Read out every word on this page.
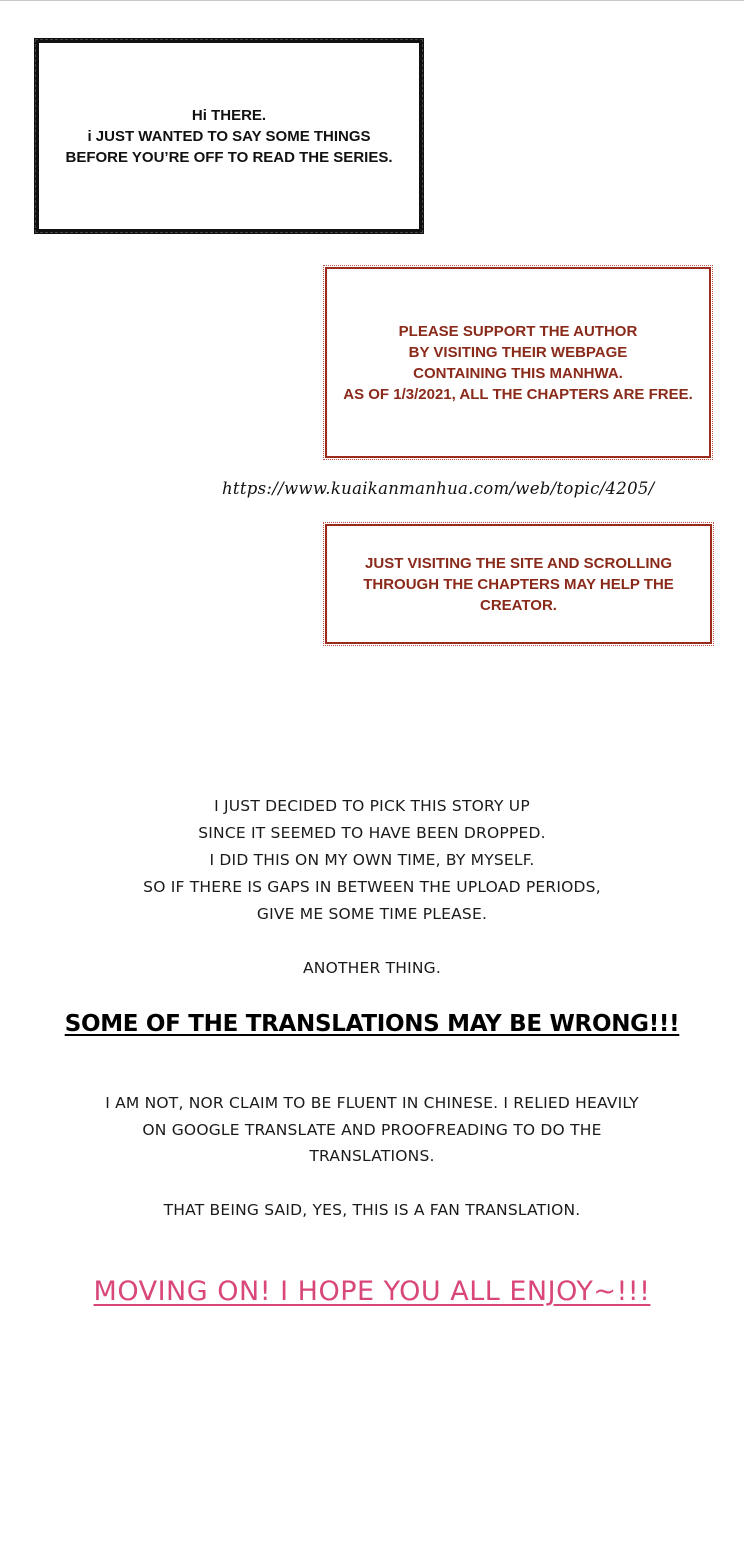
Hi THERE.

i JUST WANTED TO SAY SOME THINGS

BEFORE YOU’RE OFF TO READ THE SERIES.

PLEASE SUPPORT THE AUTHOR

BY VISITING THEIR WEBPAGE

CONTAINING THIS MANHWA.

AS OF 1/3/2021, ALL THE CHAPTERS ARE FREE.

https://www.kuaikanmanhua.com/web/topic/4205/

JUST VISITING THE SITE AND SCROLLING

THROUGH THE CHAPTERS MAY HELP THE

CREATOR.

I JUST DECIDED TO PICK THIS STORY UP

SINCE IT SEEMED TO HAVE BEEN DROPPED.

I DID THIS ON MY OWN TIME, BY MYSELF.

SO IF THERE IS GAPS IN BETWEEN THE UPLOAD PERIODS,

GIVE ME SOME TIME PLEASE.

ANOTHER THING.

SOME OF THE TRANSLATIONS MAY BE WRONG!!!

I AM NOT, NOR CLAIM TO BE FLUENT IN CHINESE. I RELIED HEAVILY

ON GOOGLE TRANSLATE AND PROOFREADING TO DO THE

TRANSLATIONS.

THAT BEING SAID, YES, THIS IS A FAN TRANSLATION.

MOVING ON! I HOPE YOU ALL ENJOY~!!!
